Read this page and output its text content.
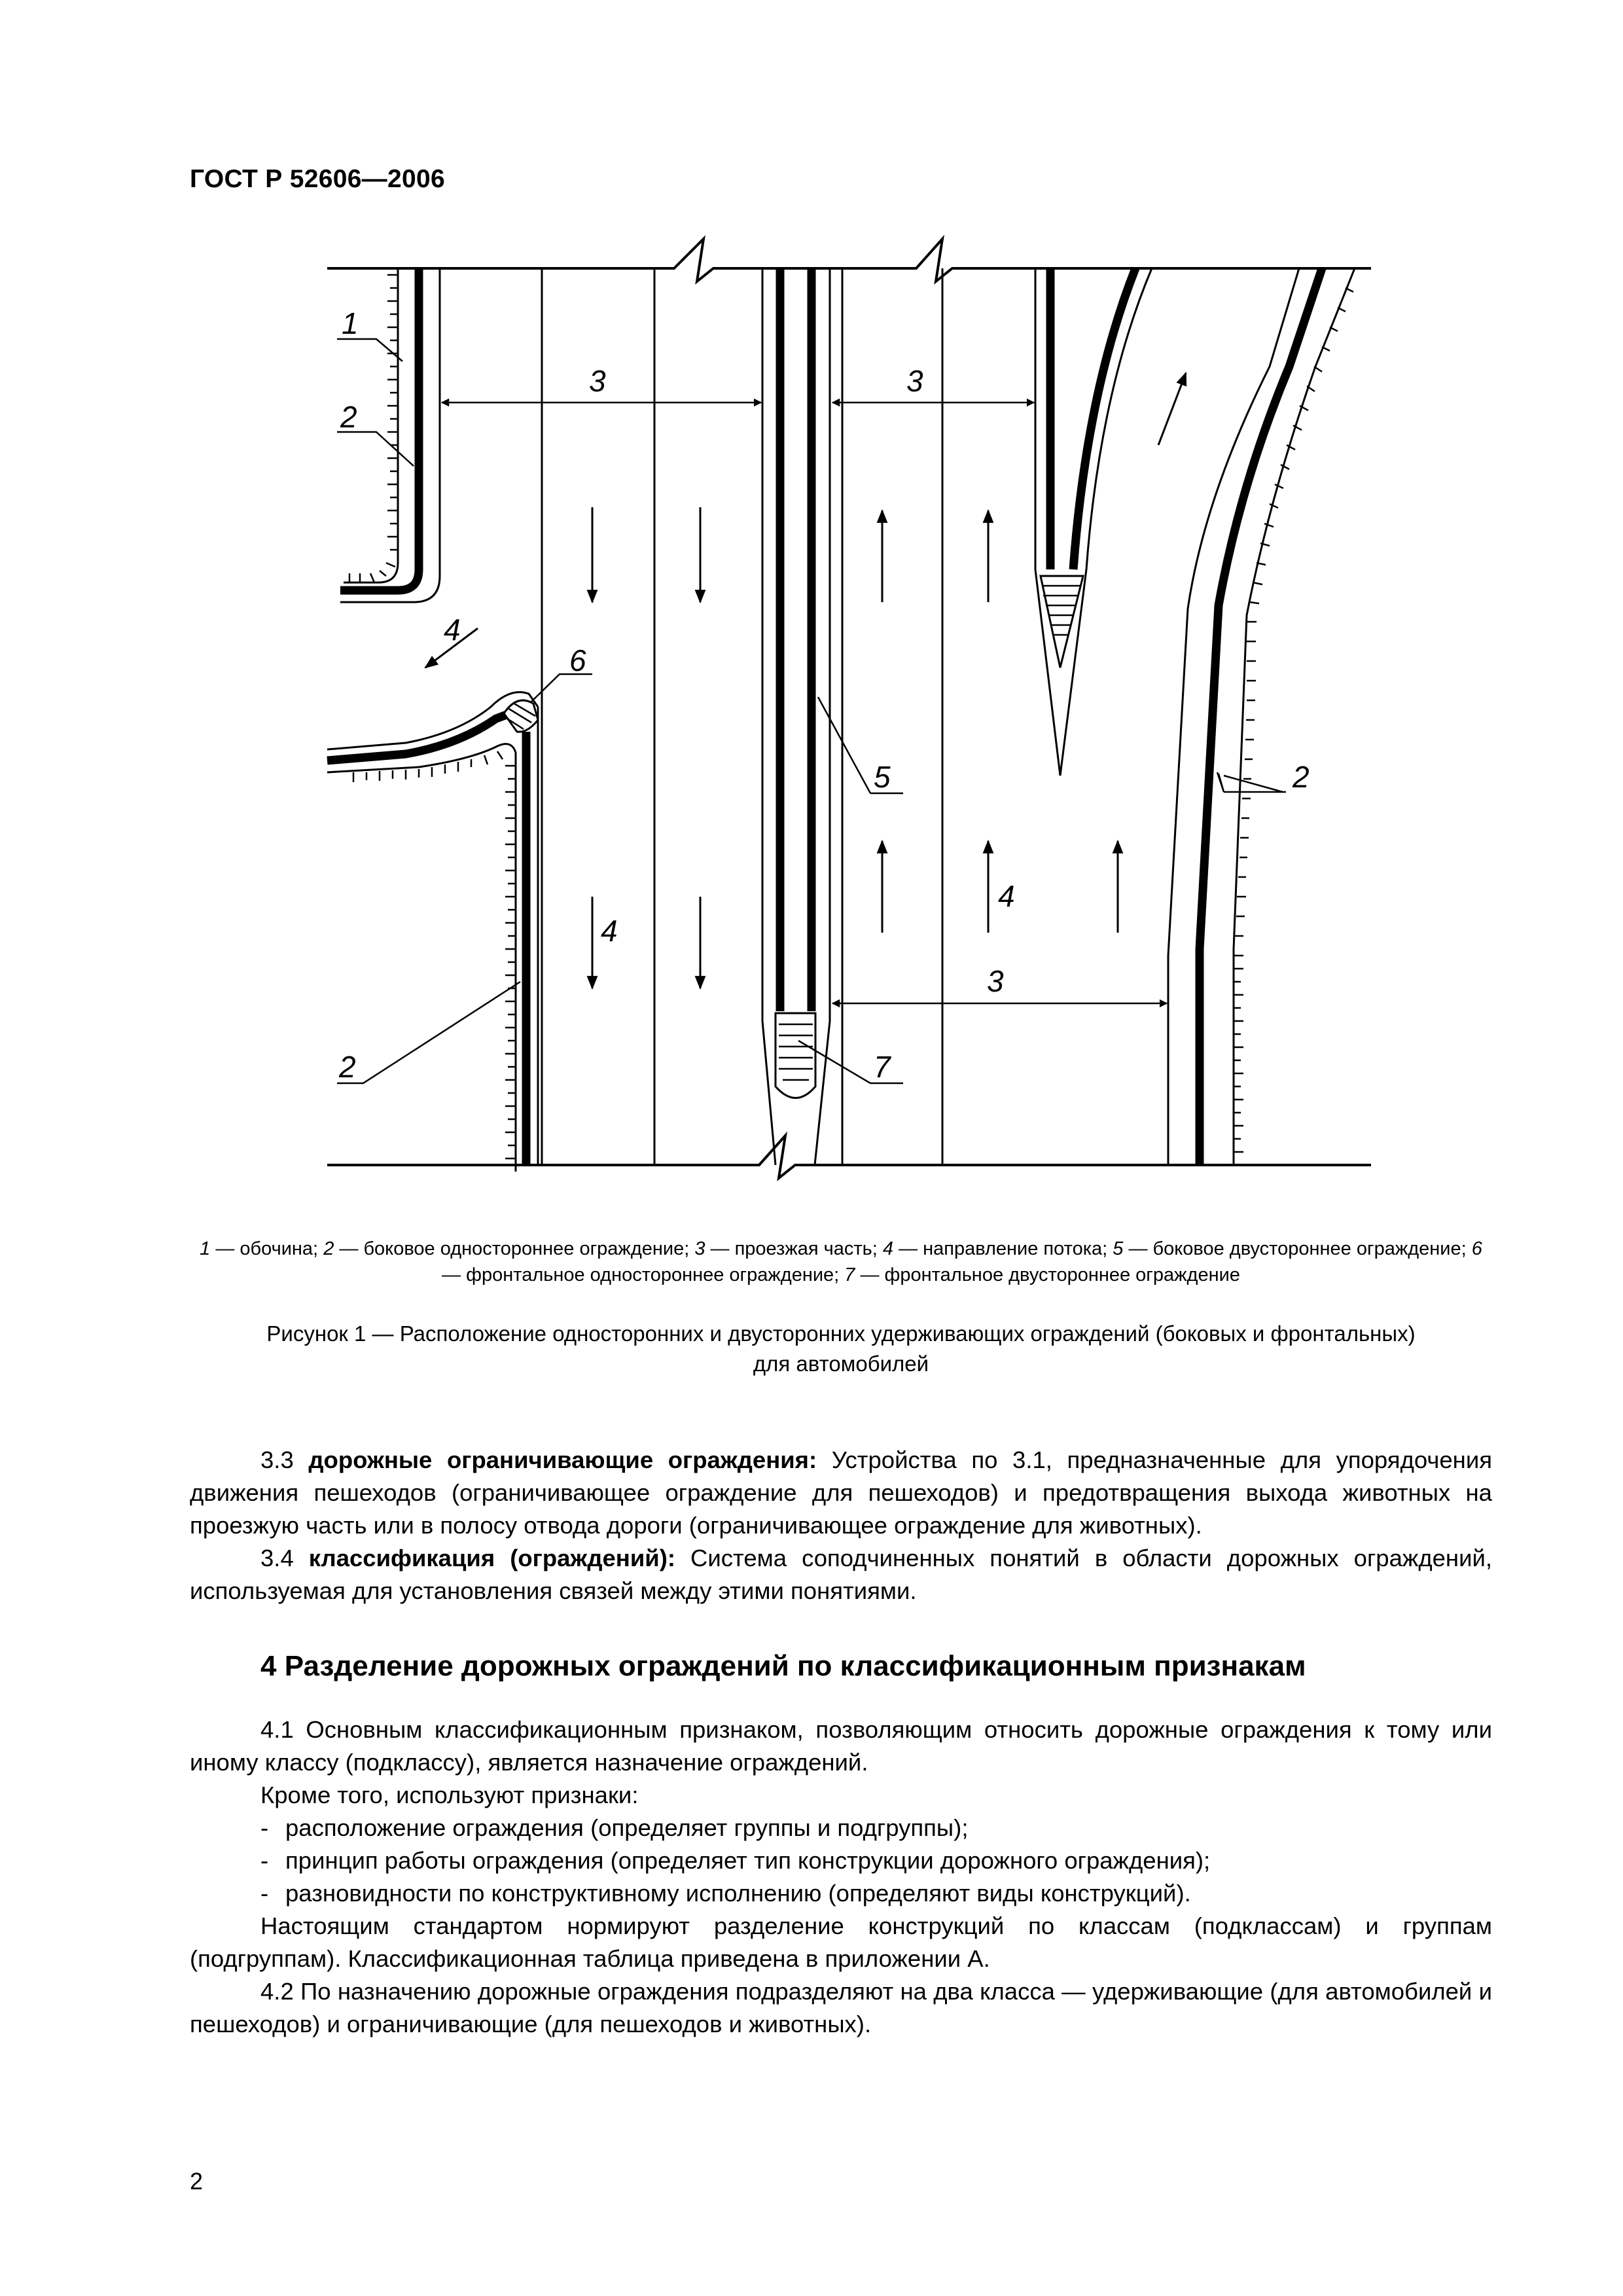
ГОСТ Р 52606—2006
1
2
3	3
4
6
5	2
4
4
3
7
2
1 — обочина; 2 — боковое одностороннее ограждение; 3 — проезжая часть; 4 — направление потока; 5 — боковое двустороннее ограждение; 6 — фронтальное одностороннее ограждение; 7 — фронтальное двустороннее ограждение
Рисунок 1 — Расположение односторонних и двусторонних удерживающих ограждений (боковых и фронтальных)
для автомобилей

3.3 дорожные ограничивающие ограждения: Устройства по 3.1, предназначенные для упорядочения движения пешеходов (ограничивающее ограждение для пешеходов) и предотвращения выхода животных на проезжую часть или в полосу отвода дороги (ограничивающее ограждение для животных).

3.4 классификация (ограждений): Система соподчиненных понятий в области дорожных ограждений, используемая для установления связей между этими понятиями.

4 Разделение дорожных ограждений по классификационным признакам

4.1 Основным классификационным признаком, позволяющим относить дорожные ограждения к тому или иному классу (подклассу), является назначение ограждений.

Кроме того, используют признаки:

- расположение ограждения (определяет группы и подгруппы);

- принцип работы ограждения (определяет тип конструкции дорожного ограждения);

- разновидности по конструктивному исполнению (определяют виды конструкций).

Настоящим стандартом нормируют разделение конструкций по классам (подклассам) и группам (подгруппам). Классификационная таблица приведена в приложении А.

4.2 По назначению дорожные ограждения подразделяют на два класса — удерживающие (для автомобилей и пешеходов) и ограничивающие (для пешеходов и животных).

2
